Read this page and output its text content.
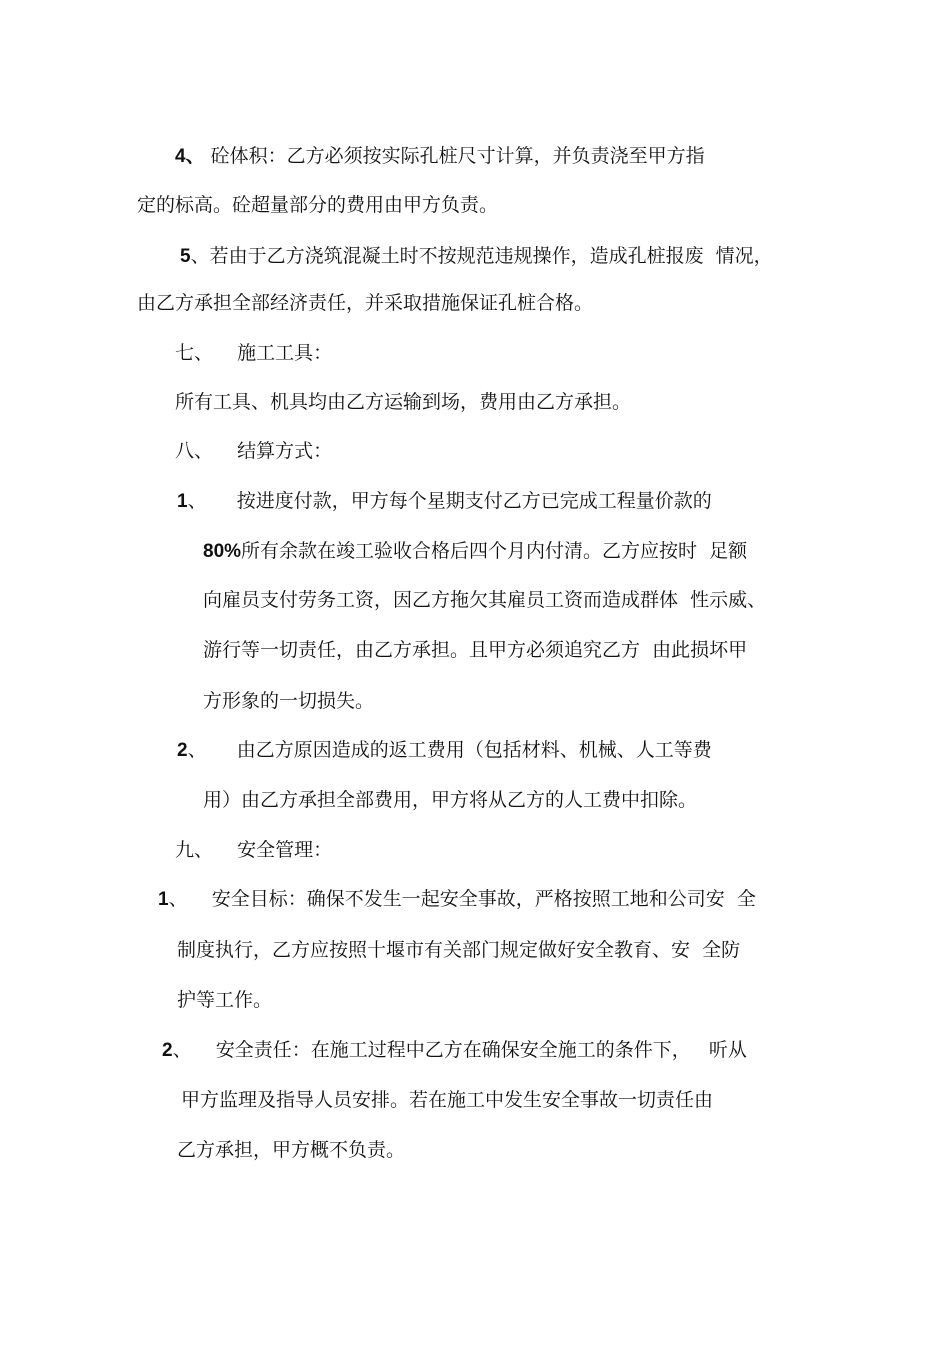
4、 砼体积：乙方必须按实际孔桩尺寸计算，并负责浇至甲方指
定的标高。砼超量部分的费用由甲方负责。
5、若由于乙方浇筑混凝土时不按规范违规操作，造成孔桩报废  情况，
由乙方承担全部经济责任，并采取措施保证孔桩合格。
七、    施工工具：
所有工具、机具均由乙方运输到场，费用由乙方承担。
八、    结算方式：
1、     按进度付款，甲方每个星期支付乙方已完成工程量价款的
80%所有余款在竣工验收合格后四个月内付清。乙方应按时  足额
向雇员支付劳务工资，因乙方拖欠其雇员工资而造成群体  性示威、
游行等一切责任，由乙方承担。且甲方必须追究乙方  由此损坏甲
方形象的一切损失。
2、     由乙方原因造成的返工费用（包括材料、机械、人工等费
用）由乙方承担全部费用，甲方将从乙方的人工费中扣除。
九、    安全管理：
1、    安全目标：确保不发生一起安全事故，严格按照工地和公司安  全
制度执行，乙方应按照十堰市有关部门规定做好安全教育、安  全防
护等工作。
2、    安全责任：在施工过程中乙方在确保安全施工的条件下，   听从
甲方监理及指导人员安排。若在施工中发生安全事故一切责任由
乙方承担，甲方概不负责。
